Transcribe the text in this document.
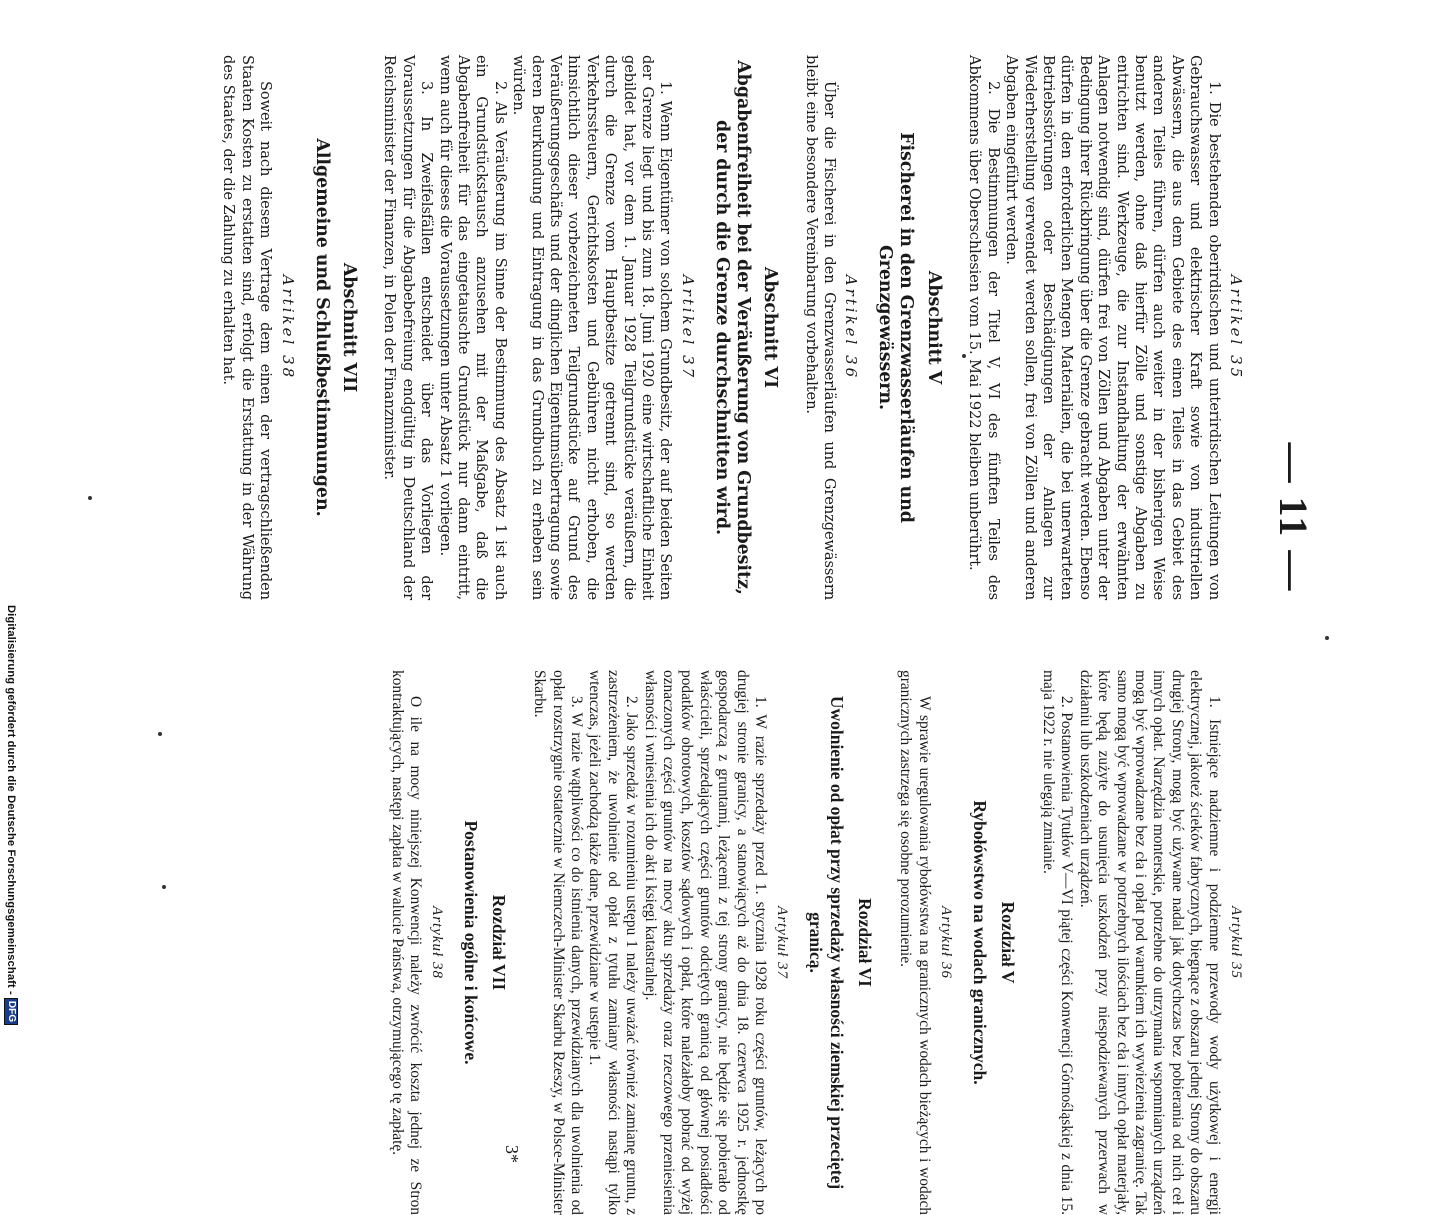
— 11 —
Artikel 35

1. Die bestehenden oberirdischen und unterirdischen Leitungen von Gebrauchswasser und elektrischer Kraft sowie von industriellen Abwässern, die aus dem Gebiete des einen Teiles in das Gebiet des anderen Teiles führen, dürfen auch weiter in der bisherigen Weise benutzt werden, ohne daß hierfür Zölle und sonstige Abgaben zu entrichten sind. Werkzeuge, die zur Instandhaltung der erwähnten Anlagen notwendig sind, dürfen frei von Zöllen und Abgaben unter der Bedingung ihrer Rückbringung über die Grenze gebracht werden. Ebenso dürfen in den erforderlichen Mengen Materialien, die bei unerwarteten Betriebsstörungen oder Beschädigungen der Anlagen zur Wiederherstellung verwendet werden sollen, frei von Zöllen und anderen Abgaben eingeführt werden.

2. Die Bestimmungen der Titel V, VI des fünften Teiles des Abkommens über Oberschlesien vom 15. Mai 1922 bleiben unberührt.

Abschnitt V
Fischerei in den Grenzwasserläufen und Grenzgewässern.
Artikel 36

Über die Fischerei in den Grenzwasserläufen und Grenzgewässern bleibt eine besondere Vereinbarung vorbehalten.

Abschnitt VI
Abgabenfreiheit bei der Veräußerung von Grundbesitz, der durch die Grenze durchschnitten wird.
Artikel 37

1. Wenn Eigentümer von solchem Grundbesitz, der auf beiden Seiten der Grenze liegt und bis zum 18. Juni 1920 eine wirtschaftliche Einheit gebildet hat, vor dem 1. Januar 1928 Teilgrundstücke veräußern, die durch die Grenze vom Hauptbesitze getrennt sind, so werden Verkehrssteuern, Gerichtskosten und Gebühren nicht erhoben, die hinsichtlich dieser vorbezeichneten Teilgrundstücke auf Grund des Veräußerungsgeschäfts und der dinglichen Eigentumsübertragung sowie deren Beurkundung und Eintragung in das Grundbuch zu erheben sein würden.

2. Als Veräußerung im Sinne der Bestimmung des Absatz 1 ist auch ein Grundstückstausch anzusehen mit der Maßgabe, daß die Abgabenfreiheit für das eingetauschte Grundstück nur dann eintritt, wenn auch für dieses die Voraussetzungen unter Absatz 1 vorliegen.

3. In Zweifelsfällen entscheidet über das Vorliegen der Voraussetzungen für die Abgabebefreiung endgültig in Deutschland der Reichsminister der Finanzen, in Polen der Finanzminister.

Abschnitt VII
Allgemeine und Schlußbestimmungen.
Artikel 38

Soweit nach diesem Vertrage dem einen der vertragschließenden Staaten Kosten zu erstatten sind, erfolgt die Erstattung in der Währung des Staates, der die Zahlung zu erhalten hat.

Artykuł 35

1. Istniejące nadziemne i podziemne przewody wody użytkowej i energji elektrycznej, jakoteż ścieków fabrycznych, biegnące z obszaru jednej Strony do obszaru drugiej Strony, mogą być używane nadal jak dotychczas bez pobierania od nich ceł i innych opłat. Narzędzia monterskie, potrzebne do utrzymania wspomnianych urządzeń mogą być wprowadzane bez cła i opłat pod warunkiem ich wywiezienia zagranicę. Tak samo mogą być wprowadzane w potrzebnych ilościach bez cła i innych opłat materjały, które będą zużyte do usunięcia uszkodzeń przy niespodziewanych przerwach w działaniu lub uszkodzeniach urządzeń.

2. Postanowienia Tytułów V—VI piątej części Konwencji Górnośląskiej z dnia 15. maja 1922 r. nie ulegają zmianie.

Rozdział V
Rybołówstwo na wodach granicznych.
Artykuł 36

W sprawie uregulowania rybołówstwa na granicznych wodach bieżących i wodach granicznych zastrzega się osobne porozumienie.

Rozdział VI
Uwolnienie od opłat przy sprzedaży własności ziemskiej przeciętej granicą.
Artykuł 37

1. W razie sprzedaży przed 1. stycznia 1928 roku części gruntów, leżących po drugiej stronie granicy, a stanowiących aż do dnia 18. czerwca 1925 r. jednostkę gospodarczą z gruntami, leżącemi z tej strony granicy, nie będzie się pobierało od właścicieli, sprzedających części gruntów odciętych granicą od głównej posiadłości podatków obrotowych, kosztów sądowych i opłat, które należałoby pobrać od wyżej oznaczonych części gruntów na mocy aktu sprzedaży oraz rzeczowego przeniesienia własności i wniesienia ich do akt i księgi katastralnej.

2. Jako sprzedaż w rozumieniu ustępu 1 należy uważać również zamianę gruntu, z zastrzeżeniem, że uwolnienie od opłat z tytułu zamiany własności nastąpi tylko wtenczas, jeżeli zachodzą także dane, przewidziane w ustępie 1.

3. W razie wątpliwości co do istnienia danych, przewidzianych dla uwolnienia od opłat rozstrzygnie ostatecznie w Niemczech-Minister Skarbu Rzeszy, w Polsce-Minister Skarbu.

Rozdział VII
Postanowienia ogólne i końcowe.
Artykuł 38

O ile na mocy niniejszej Konwencji należy zwrócić koszta jednej ze Stron kontraktujących, następi zapłata w walucie Państwa, otrzymującego tę zapłatę.	3*
Digitalisierung gefördert durch die Deutsche Forschungsgemeinschaft -DFG
